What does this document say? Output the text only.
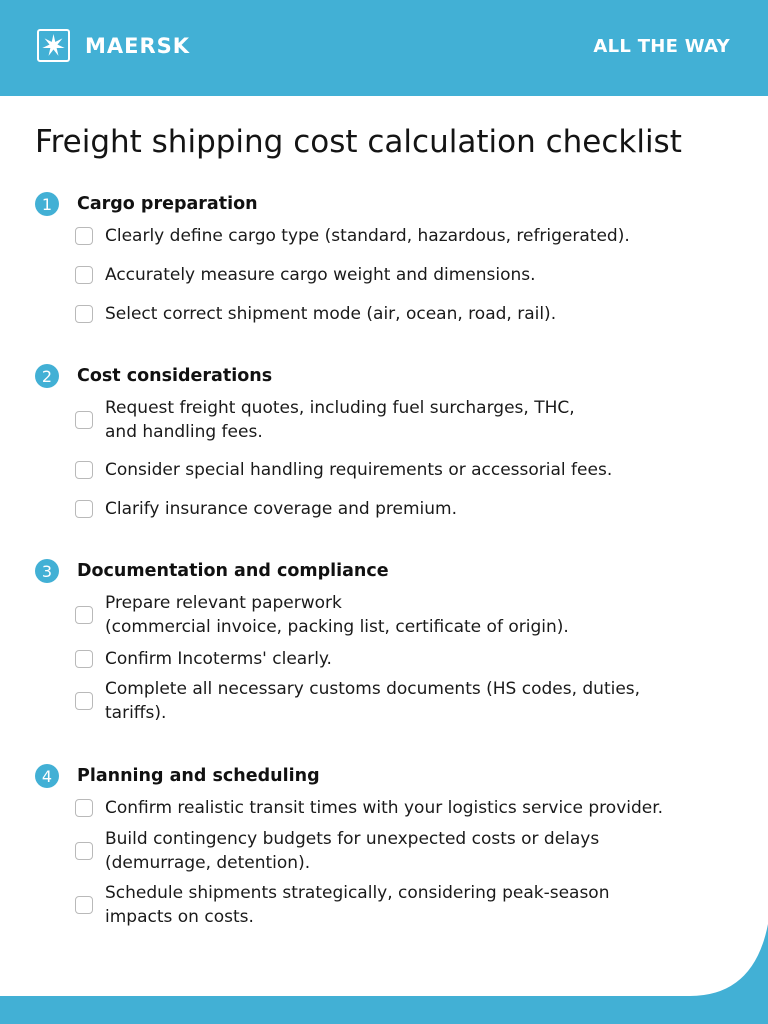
MAERSK	ALL THE WAY
Freight shipping cost calculation checklist
1	Cargo preparation
Clearly define cargo type (standard, hazardous, refrigerated).
Accurately measure cargo weight and dimensions.
Select correct shipment mode (air, ocean, road, rail).
2	Cost considerations
Request freight quotes, including fuel surcharges, THC,
and handling fees.
Consider special handling requirements or accessorial fees.
Clarify insurance coverage and premium.
3	Documentation and compliance
Prepare relevant paperwork
(commercial invoice, packing list, certificate of origin).
Confirm Incoterms' clearly.
Complete all necessary customs documents (HS codes, duties,
tariffs).
4	Planning and scheduling
Confirm realistic transit times with your logistics service provider.
Build contingency budgets for unexpected costs or delays
(demurrage, detention).
Schedule shipments strategically, considering peak-season
impacts on costs.
